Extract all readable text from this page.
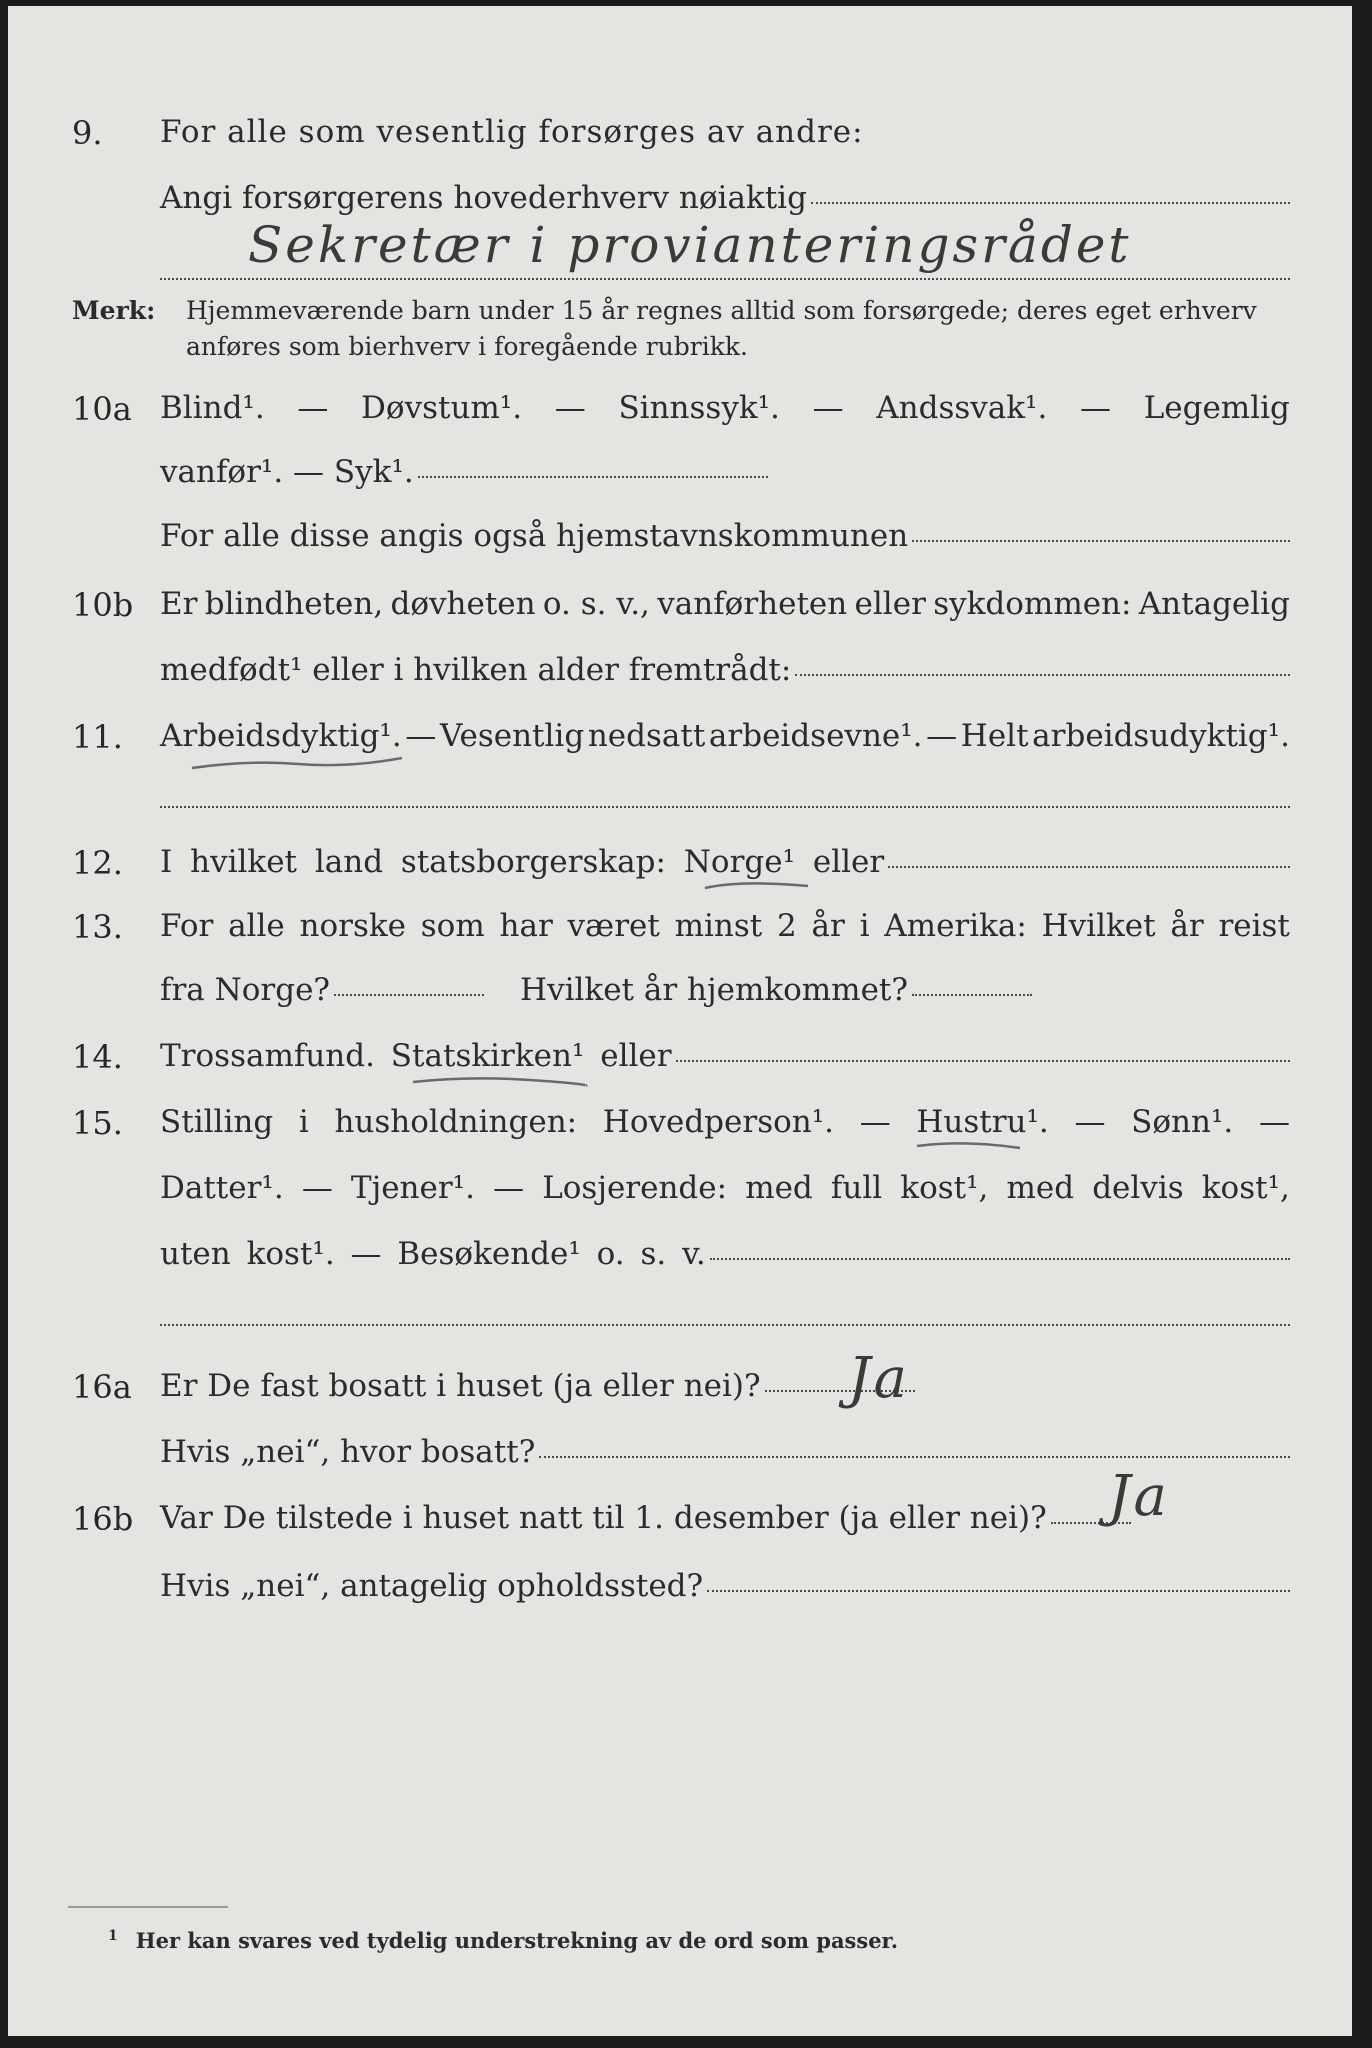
9.	For alle som vesentlig forsørges av andre:
Angi forsørgerens hovederhverv nøiaktig
Sekretær i provianteringsrådet
Merk: Hjemmeværende barn under 15 år regnes alltid som forsørgede; deres eget erhverv
anføres som bierhverv i foregående rubrikk.
10a Blind¹. — Døvstum¹. — Sinnssyk¹. — Andssvak¹. — Legemlig
vanfør¹. — Syk¹.
For alle disse angis også hjemstavnskommunen
10b Er blindheten, døvheten o. s. v., vanførheten eller sykdommen: Antagelig
medfødt¹ eller i hvilken alder fremtrådt:
11.	Arbeidsdyktig¹. — Vesentlig nedsatt arbeidsevne¹. — Helt arbeidsudyktig¹.
12.	I hvilket land statsborgerskap: Norge¹ eller
13.	For alle norske som har været minst 2 år i Amerika: Hvilket år reist
fra Norge?	Hvilket år hjemkommet?
14.	Trossamfund. Statskirken¹ eller
15.	Stilling i husholdningen: Hovedperson¹. — Hustru¹. — Sønn¹. —
Datter¹. — Tjener¹. — Losjerende: med full kost¹, med delvis kost¹,
uten kost¹. — Besøkende¹ o. s. v.
16a Er De fast bosatt i huset (ja eller nei)? Ja
Hvis „nei“, hvor bosatt?
16b Var De tilstede i huset natt til 1. desember (ja eller nei)? Ja
Hvis „nei“, antagelig opholdssted?
$^1$ Her kan svares ved tydelig understrekning av de ord som passer.
